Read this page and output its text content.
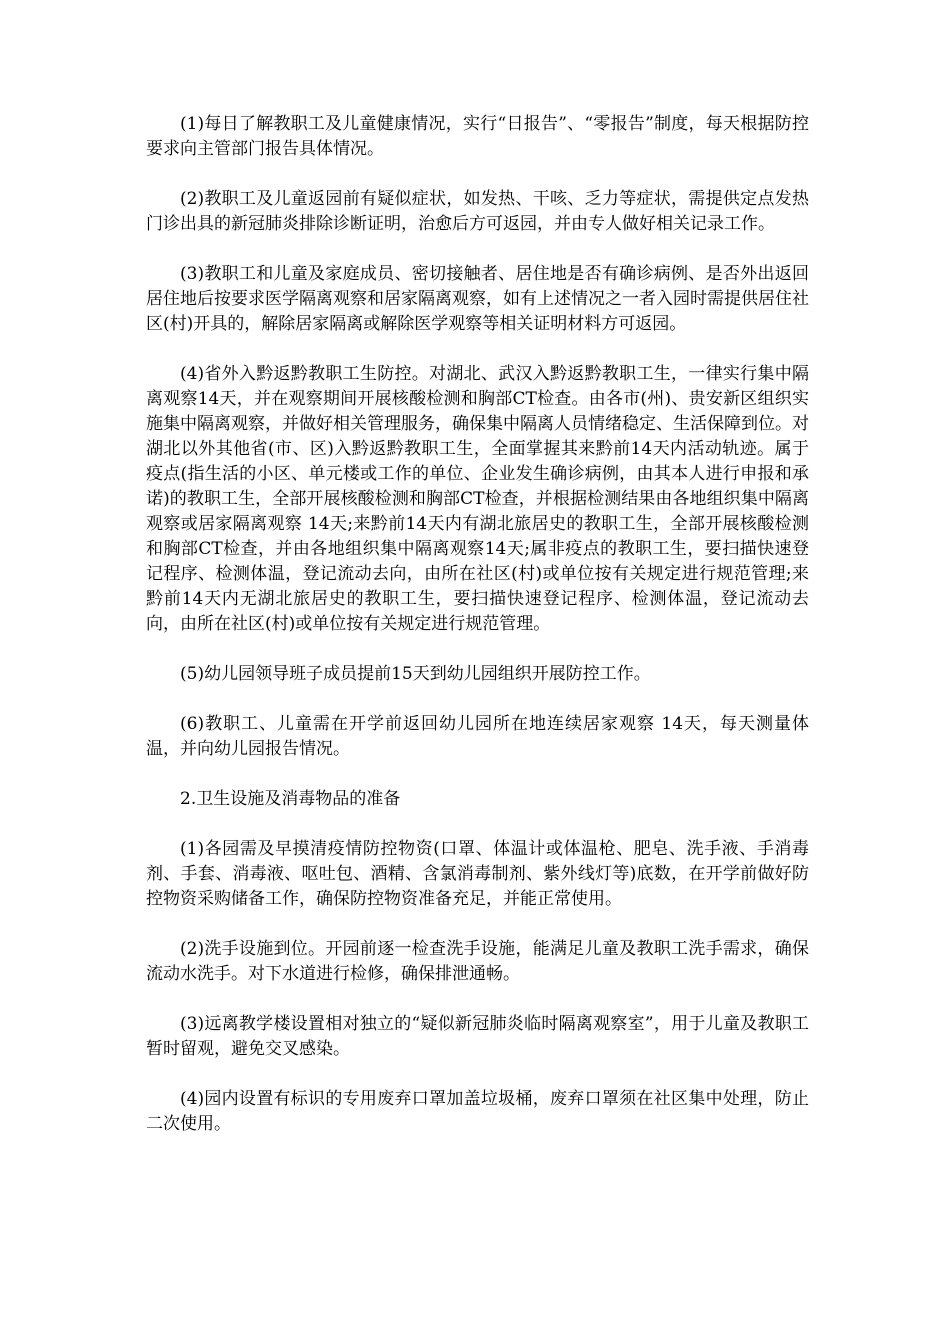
(1)每日了解教职工及儿童健康情况，实行“日报告”、“零报告”制度，每天根据防控要求向主管部门报告具体情况。

(2)教职工及儿童返园前有疑似症状，如发热、干咳、乏力等症状，需提供定点发热门诊出具的新冠肺炎排除诊断证明，治愈后方可返园，并由专人做好相关记录工作。

(3)教职工和儿童及家庭成员、密切接触者、居住地是否有确诊病例、是否外出返回居住地后按要求医学隔离观察和居家隔离观察，如有上述情况之一者入园时需提供居住社区(村)开具的，解除居家隔离或解除医学观察等相关证明材料方可返园。

(4)省外入黔返黔教职工生防控。对湖北、武汉入黔返黔教职工生，一律实行集中隔离观察14天，并在观察期间开展核酸检测和胸部CT检查。由各市(州)、贵安新区组织实施集中隔离观察，并做好相关管理服务，确保集中隔离人员情绪稳定、生活保障到位。对湖北以外其他省(市、区)入黔返黔教职工生，全面掌握其来黔前14天内活动轨迹。属于疫点(指生活的小区、单元楼或工作的单位、企业发生确诊病例，由其本人进行申报和承诺)的教职工生，全部开展核酸检测和胸部CT检查，并根据检测结果由各地组织集中隔离观察或居家隔离观察 14天;来黔前14天内有湖北旅居史的教职工生，全部开展核酸检测和胸部CT检查，并由各地组织集中隔离观察14天;属非疫点的教职工生，要扫描快速登记程序、检测体温，登记流动去向，由所在社区(村)或单位按有关规定进行规范管理;来黔前14天内无湖北旅居史的教职工生，要扫描快速登记程序、检测体温，登记流动去向，由所在社区(村)或单位按有关规定进行规范管理。

(5)幼儿园领导班子成员提前15天到幼儿园组织开展防控工作。

(6)教职工、儿童需在开学前返回幼儿园所在地连续居家观察 14天，每天测量体温，并向幼儿园报告情况。

2.卫生设施及消毒物品的准备

(1)各园需及早摸清疫情防控物资(口罩、体温计或体温枪、肥皂、洗手液、手消毒剂、手套、消毒液、呕吐包、酒精、含氯消毒制剂、紫外线灯等)底数，在开学前做好防控物资采购储备工作，确保防控物资准备充足，并能正常使用。

(2)洗手设施到位。开园前逐一检查洗手设施，能满足儿童及教职工洗手需求，确保流动水洗手。对下水道进行检修，确保排泄通畅。

(3)远离教学楼设置相对独立的“疑似新冠肺炎临时隔离观察室”，用于儿童及教职工暂时留观，避免交叉感染。

(4)园内设置有标识的专用废弃口罩加盖垃圾桶，废弃口罩须在社区集中处理，防止二次使用。
